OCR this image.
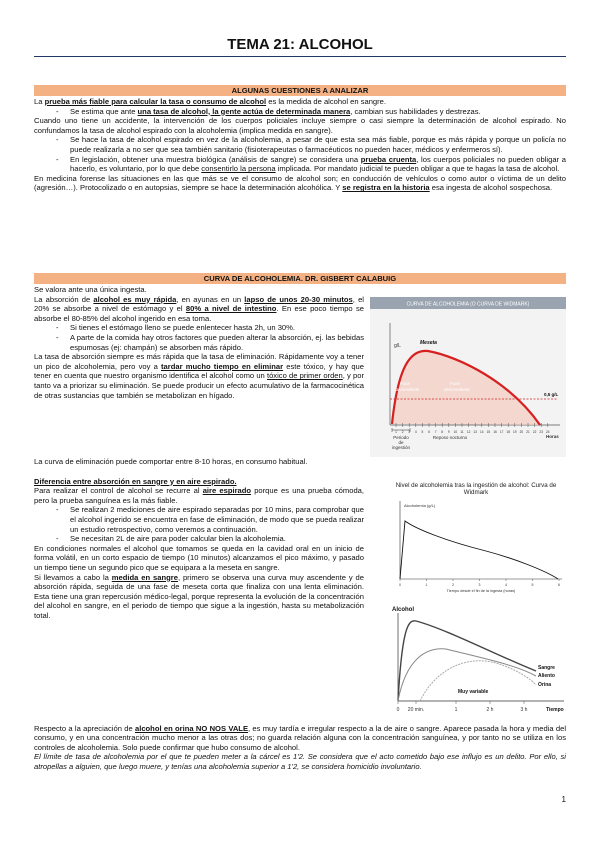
TEMA 21: ALCOHOL
ALGUNAS CUESTIONES A ANALIZAR

La prueba más fiable para calcular la tasa o consumo de alcohol es la medida de alcohol en sangre.

- Se estima que ante una tasa de alcohol, la gente actúa de determinada manera, cambian sus habilidades y destrezas.

Cuando uno tiene un accidente, la intervención de los cuerpos policiales incluye siempre o casi siempre la determinación de alcohol espirado. No confundamos la tasa de alcohol espirado con la alcoholemia (implica medida en sangre).

- Se hace la tasa de alcohol espirado en vez de la alcoholemia, a pesar de que esta sea más fiable, porque es más rápida y porque un policía no puede realizarla a no ser que sea también sanitario (fisioterapeutas o farmacéuticos no pueden hacer, médicos y enfermeros sí).
- En legislación, obtener una muestra biológica (análisis de sangre) se considera una prueba cruenta, los cuerpos policiales no pueden obligar a hacerlo, es voluntario, por lo que debe consentirlo la persona implicada. Por mandato judicial te pueden obligar a que te hagas la tasa de alcohol.

En medicina forense las situaciones en las que más se ve el consumo de alcohol son; en conducción de vehículos o como autor o víctima de un delito (agresión…). Protocolizado o en autopsias, siempre se hace la determinación alcohólica. Y se registra en la historia esa ingesta de alcohol sospechosa.

CURVA DE ALCOHOLEMIA. DR. GISBERT CALABUIG

Se valora ante una única ingesta.

La absorción de alcohol es muy rápida, en ayunas en un lapso de unos 20-30 minutos, el 20% se absorbe a nivel de estómago y el 80% a nivel de intestino. En ese poco tiempo se absorbe el 80-85% del alcohol ingerido en esa toma.

- Si tienes el estómago lleno se puede enlentecer hasta 2h, un 30%.
- A parte de la comida hay otros factores que pueden alterar la absorción, ej. las bebidas espumosas (ej: champán) se absorben más rápido.

La tasa de absorción siempre es más rápida que la tasa de eliminación. Rápidamente voy a tener un pico de alcoholemia, pero voy a tardar mucho tiempo en eliminar este tóxico, y hay que tener en cuenta que nuestro organismo identifica el alcohol como un tóxico de primer orden, y por tanto va a priorizar su eliminación. Se puede producir un efecto acumulativo de la farmacocinética de otras sustancias que también se metabolizan en hígado.

CURVA DE ALCOHOLEMIA (O CURVA DE WIDMARK)
g/L
0,5 g/L
Meseta
Fase
ascendente
Fase
descendente
1 2 3 4 5 6 7 8 9 10 11 12 13 14 15 16 17 18 19 20 21 22 23 24
Horas
Periodo
de
ingestión
Reposo nocturno

La curva de eliminación puede comportar entre 8-10 horas, en consumo habitual.

Diferencia entre absorción en sangre y en aire espirado.

Para realizar el control de alcohol se recurre al aire espirado porque es una prueba cómoda, pero la prueba sanguínea es la más fiable.

- Se realizan 2 mediciones de aire espirado separadas por 10 mins, para comprobar que el alcohol ingerido se encuentra en fase de eliminación, de modo que se pueda realizar un estudio retrospectivo, como veremos a continuación.
- Se necesitan 2L de aire para poder calcular bien la alcoholemia.

En condiciones normales el alcohol que tomamos se queda en la cavidad oral en un inicio de forma volátil, en un corto espacio de tiempo (10 minutos) alcanzamos el pico máximo, y pasado un tiempo tiene un segundo pico que se equipara a la meseta en sangre.

Si llevamos a cabo la medida en sangre, primero se observa una curva muy ascendente y de absorción rápida, seguida de una fase de meseta corta que finaliza con una lenta eliminación. Esta tiene una gran repercusión médico-legal, porque representa la evolución de la concentración del alcohol en sangre, en el periodo de tiempo que sigue a la ingestión, hasta su metabolización total.

Nivel de alcoholemia tras la ingestión de alcohol: Curva de
Widmark
Alcoholemia (g/L)
0	1	2	3	4	5	6
Tiempo desde el fin de la ingesta (horas)
Alcohol
Sangre
Aliento
Orina
Muy variable
0 20 min.	1	2 h	3 h	Tiempo

Respecto a la apreciación de alcohol en orina NO NOS VALE, es muy tardía e irregular respecto a la de aire o sangre. Aparece pasada la hora y media del consumo, y en una concentración mucho menor a las otras dos; no guarda relación alguna con la concentración sanguínea, y por tanto no se utiliza en los controles de alcoholemia. Solo puede confirmar que hubo consumo de alcohol.

El límite de tasa de alcoholemia por el que te pueden meter a la cárcel es 1'2. Se considera que el acto cometido bajo ese influjo es un delito. Por ello, si atropellas a alguien, que luego muere, y tenías una alcoholemia superior a 1'2, se considera homicidio involuntario.

1
